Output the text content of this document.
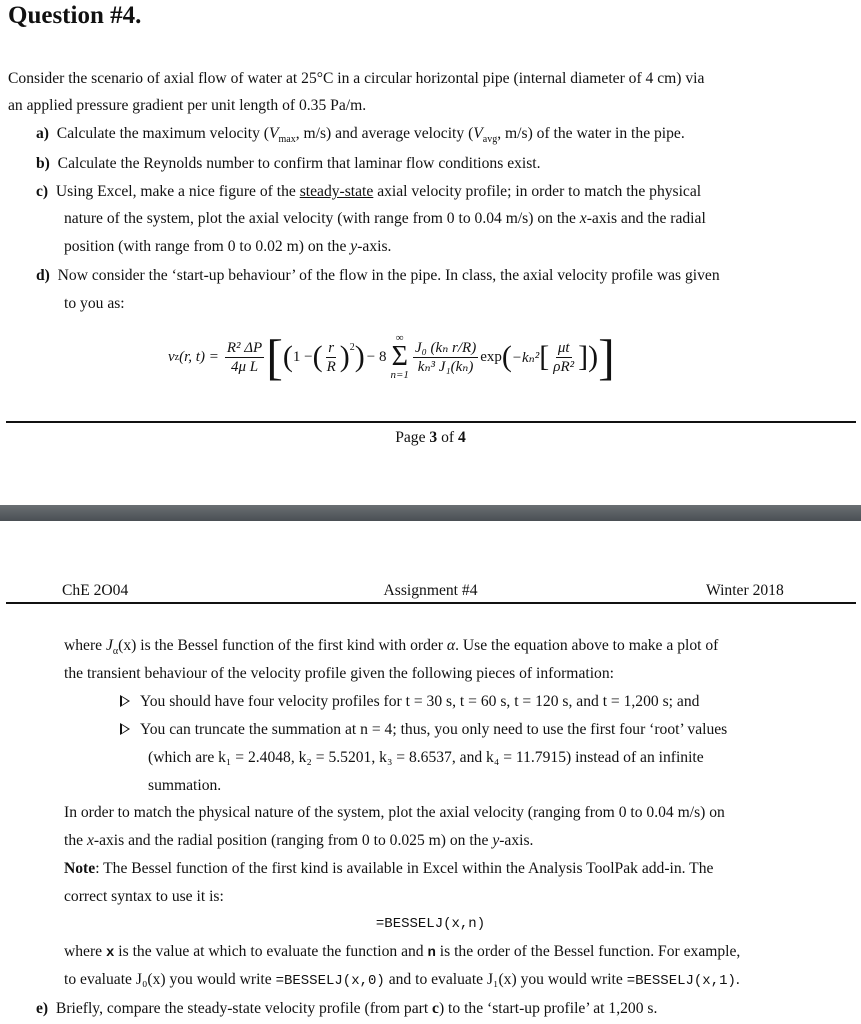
Question #4.
Consider the scenario of axial flow of water at 25°C in a circular horizontal pipe (internal diameter of 4 cm) via
an applied pressure gradient per unit length of 0.35 Pa/m.
a) Calculate the maximum velocity ($V_{max}$, m/s) and average velocity ($V_{avg}$, m/s) of the water in the pipe.
b) Calculate the Reynolds number to confirm that laminar flow conditions exist.
c) Using Excel, make a nice figure of the steady-state axial velocity profile; in order to match the physical
nature of the system, plot the axial velocity (with range from 0 to 0.04 m/s) on the x-axis and the radial
position (with range from 0 to 0.02 m) on the y-axis.
d) Now consider the ‘start-up behaviour’ of the flow in the pipe. In class, the axial velocity profile was given
to you as:
v z (r, $t) = \frac{\text{R² ΔP}}{\text{4μ L}}$ [ ( 1 − ( $\frac{r}{R} )^2$ ) − 8
∞
Σ
$n=1 \frac{\text{J₀ (kₙ r/R)}}{\text{kₙ³ J₁(kₙ)}}$ exp ( −kₙ² [ $\frac{\mu t}{\text{ρR²}}$ ] ) ]
Page 3 of 4
ChE 2O04	Assignment #4	Winter 2018
where $J_\alpha(x)$ is the Bessel function of the first kind with order α. Use the equation above to make a plot of
the transient behaviour of the velocity profile given the following pieces of information:
You should have four velocity profiles for t = 30 s, t = 60 s, t = 120 s, and t = 1,200 s; and
You can truncate the summation at n = 4; thus, you only need to use the first four ‘root’ values
(which are k₁ = 2.4048, k₂ = 5.5201, k₃ = 8.6537, and k₄ = 11.7915) instead of an infinite
summation.
In order to match the physical nature of the system, plot the axial velocity (ranging from 0 to 0.04 m/s) on
the x-axis and the radial position (ranging from 0 to 0.025 m) on the y-axis.
Note: The Bessel function of the first kind is available in Excel within the Analysis ToolPak add-in. The
correct syntax to use it is:
=BESSELJ(x,n)
where x is the value at which to evaluate the function and n is the order of the Bessel function. For example,
to evaluate J₀(x) you would write =BESSELJ(x,0) and to evaluate J₁(x) you would write =BESSELJ(x,1).
e) Briefly, compare the steady-state velocity profile (from part c) to the ‘start-up profile’ at 1,200 s.
